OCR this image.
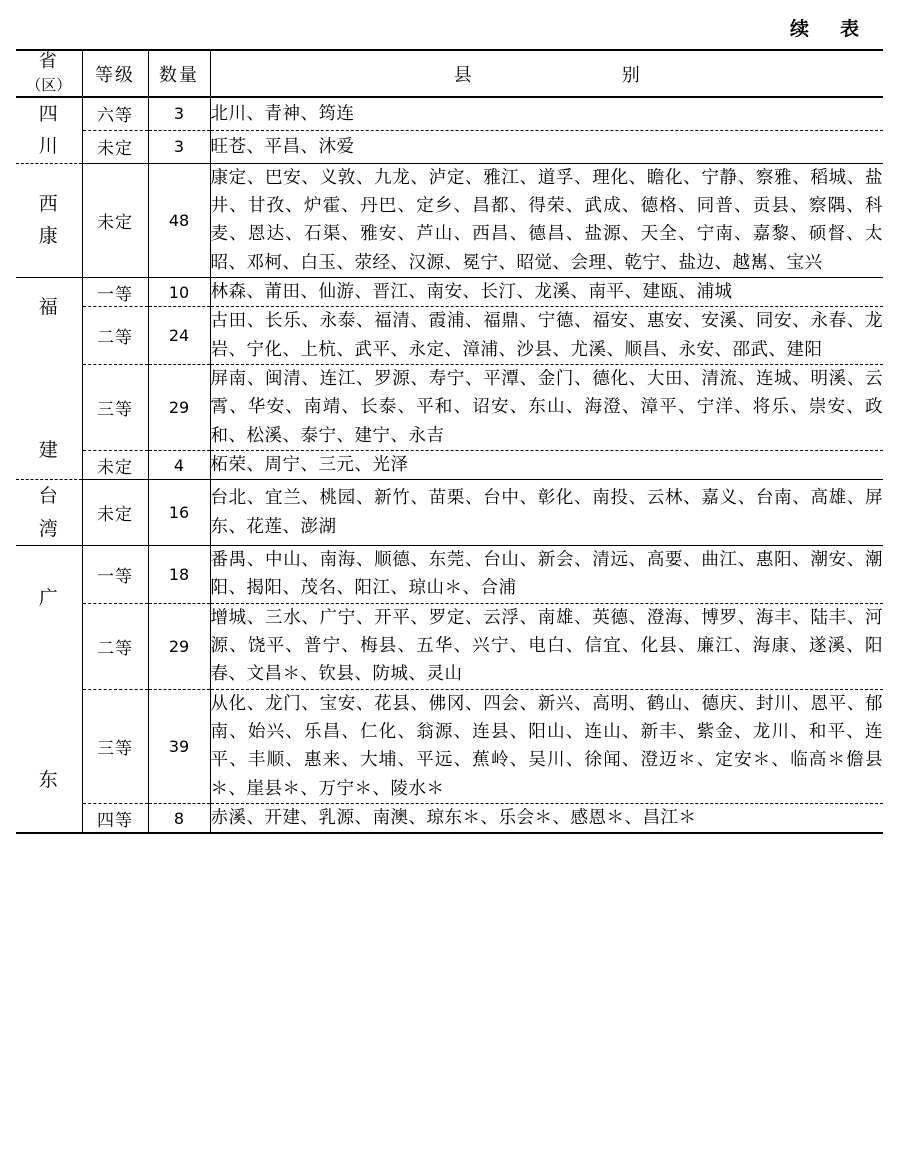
续　表
省
（区）	等级	数量	县 别

四
川	六等	3	北川、青神、筠连
	未定	3	旺苍、平昌、沐爱

西
康	未定	48	康定、巴安、义敦、九龙、泸定、雅江、道孚、理化、瞻化、宁静、察雅、稻城、盐井、甘孜、炉霍、丹巴、定乡、昌都、得荣、武成、德格、同普、贡县、察隅、科麦、恩达、石渠、雅安、芦山、西昌、德昌、盐源、天全、宁南、嘉黎、硕督、太昭、邓柯、白玉、荥经、汉源、冕宁、昭觉、会理、乾宁、盐边、越嶲、宝兴

福
建	一等	10	林森、莆田、仙游、晋江、南安、长汀、龙溪、南平、建瓯、浦城
	二等	24	古田、长乐、永泰、福清、霞浦、福鼎、宁德、福安、惠安、安溪、同安、永春、龙岩、宁化、上杭、武平、永定、漳浦、沙县、尤溪、顺昌、永安、邵武、建阳
	三等	29	屏南、闽清、连江、罗源、寿宁、平潭、金门、德化、大田、清流、连城、明溪、云霄、华安、南靖、长泰、平和、诏安、东山、海澄、漳平、宁洋、将乐、崇安、政和、松溪、泰宁、建宁、永吉
	未定	4	柘荣、周宁、三元、光泽

台
湾	未定	16	台北、宜兰、桃园、新竹、苗栗、台中、彰化、南投、云林、嘉义、台南、高雄、屏东、花莲、澎湖

广
东	一等	18	番禺、中山、南海、顺德、东莞、台山、新会、清远、高要、曲江、惠阳、潮安、潮阳、揭阳、茂名、阳江、琼山＊、合浦
	二等	29	增城、三水、广宁、开平、罗定、云浮、南雄、英德、澄海、博罗、海丰、陆丰、河源、饶平、普宁、梅县、五华、兴宁、电白、信宜、化县、廉江、海康、遂溪、阳春、文昌＊、钦县、防城、灵山
	三等	39	从化、龙门、宝安、花县、佛冈、四会、新兴、高明、鹤山、德庆、封川、恩平、郁南、始兴、乐昌、仁化、翁源、连县、阳山、连山、新丰、紫金、龙川、和平、连平、丰顺、惠来、大埔、平远、蕉岭、吴川、徐闻、澄迈＊、定安＊、临高＊儋县＊、崖县＊、万宁＊、陵水＊
	四等	8	赤溪、开建、乳源、南澳、琼东＊、乐会＊、感恩＊、昌江＊
